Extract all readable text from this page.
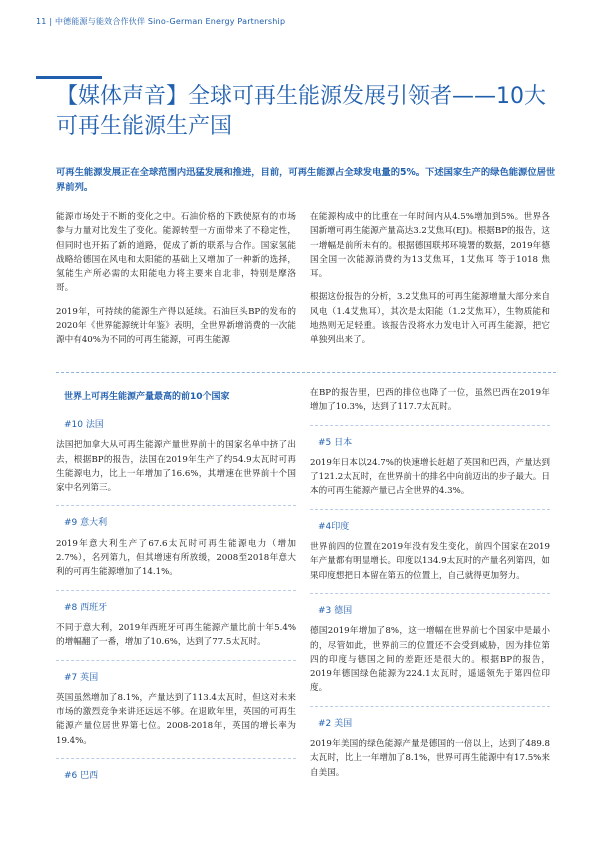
11 | 中德能源与能效合作伙伴 Sino-German Energy Partnership
【媒体声音】全球可再生能源发展引领者——10大
可再生能源生产国
可再生能源发展正在全球范围内迅猛发展和推进，目前，可再生能源占全球发电量的5%。下述国家生产的绿色能源位居世界前列。

能源市场处于不断的变化之中。石油价格的下跌使原有的市场参与力量对比发生了变化。能源转型一方面带来了不稳定性，但同时也开拓了新的道路，促成了新的联系与合作。国家氢能战略给德国在风电和太阳能的基础上又增加了一种新的选择，氢能生产所必需的太阳能电力将主要来自北非，特别是摩洛哥。

2019年，可持续的能源生产得以延续。石油巨头BP的发布的2020年《世界能源统计年鉴》表明，全世界新增消费的一次能源中有40%为不同的可再生能源，可再生能源

在能源构成中的比重在一年时间内从4.5%增加到5%。世界各国新增可再生能源产量高达3.2艾焦耳(EJ)。根据BP的报告，这一增幅是前所未有的。根据德国联邦环境署的数据，2019年德国全国一次能源消费约为13艾焦耳，1艾焦耳 等于1018 焦耳。

根据这份报告的分析，3.2艾焦耳的可再生能源增量大部分来自风电（1.4艾焦耳），其次是太阳能（1.2艾焦耳），生物质能和地热则无足轻重。该报告没将水力发电计入可再生能源，把它单独列出来了。

世界上可再生能源产量最高的前10个国家
#10 法国

法国把加拿大从可再生能源产量世界前十的国家名单中挤了出去，根据BP的报告，法国在2019年生产了约54.9太瓦时可再生能源电力，比上一年增加了16.6%，其增速在世界前十个国家中名列第三。

#9 意大利

2019年意大利生产了67.6太瓦时可再生能源电力（增加2.7%），名列第九，但其增速有所放缓，2008至2018年意大利的可再生能源增加了14.1%。

#8 西班牙

不同于意大利，2019年西班牙可再生能源产量比前十年5.4%的增幅翻了一番，增加了10.6%，达到了77.5太瓦时。

#7 英国

英国虽然增加了8.1%，产量达到了113.4太瓦时，但这对未来市场的激烈竞争来讲还远远不够。在退欧年里，英国的可再生能源产量位居世界第七位。2008-2018年，英国的增长率为19.4%。

#6 巴西

在BP的报告里，巴西的排位也降了一位，虽然巴西在2019年增加了10.3%，达到了117.7太瓦时。

#5 日本

2019年日本以24.7%的快速增长赶超了英国和巴西，产量达到了121.2太瓦时，在世界前十的排名中向前迈出的步子最大。日本的可再生能源产量已占全世界的4.3%。

#4印度

世界前四的位置在2019年没有发生变化，前四个国家在2019年产量都有明显增长。印度以134.9太瓦时的产量名列第四，如果印度想把日本留在第五的位置上，自己就得更加努力。

#3 德国

德国2019年增加了8%，这一增幅在世界前七个国家中是最小的，尽管如此，世界前三的位置还不会受到威胁，因为排位第四的印度与德国之间的差距还是很大的。根据BP的报告，2019年德国绿色能源为224.1太瓦时，遥遥领先于第四位印度。

#2 美国

2019年美国的绿色能源产量是德国的一倍以上，达到了489.8太瓦时，比上一年增加了8.1%，世界可再生能源中有17.5%来自美国。
